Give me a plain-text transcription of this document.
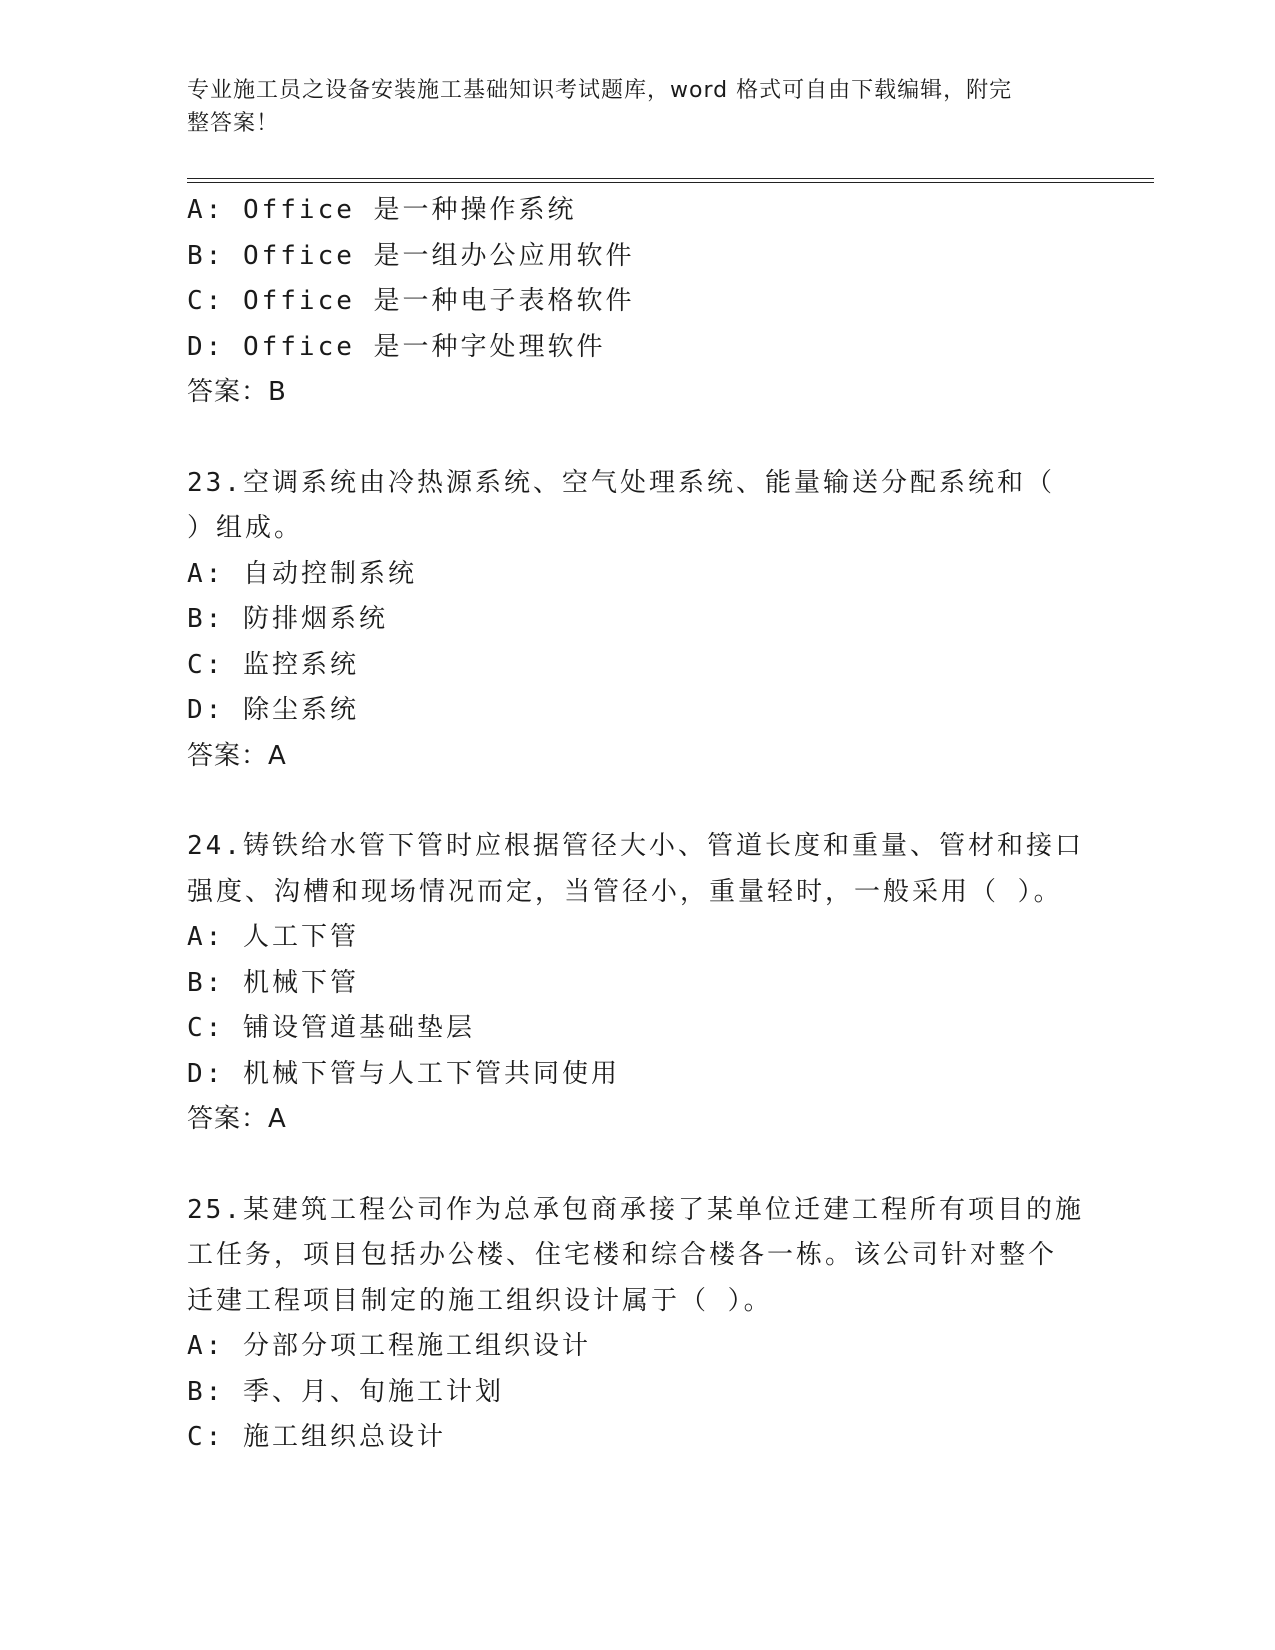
专业施工员之设备安装施工基础知识考试题库，word 格式可自由下载编辑，附完
整答案！
A: Office 是一种操作系统
B: Office 是一组办公应用软件
C: Office 是一种电子表格软件
D: Office 是一种字处理软件
答案：B
23.空调系统由冷热源系统、空气处理系统、能量输送分配系统和（
）组成。
A: 自动控制系统
B: 防排烟系统
C: 监控系统
D: 除尘系统
答案：A
24.铸铁给水管下管时应根据管径大小、管道长度和重量、管材和接口
强度、沟槽和现场情况而定，当管径小，重量轻时，一般采用（ ）。
A: 人工下管
B: 机械下管
C: 铺设管道基础垫层
D: 机械下管与人工下管共同使用
答案：A
25.某建筑工程公司作为总承包商承接了某单位迁建工程所有项目的施
工任务，项目包括办公楼、住宅楼和综合楼各一栋。该公司针对整个
迁建工程项目制定的施工组织设计属于（ ）。
A: 分部分项工程施工组织设计
B: 季、月、旬施工计划
C: 施工组织总设计
